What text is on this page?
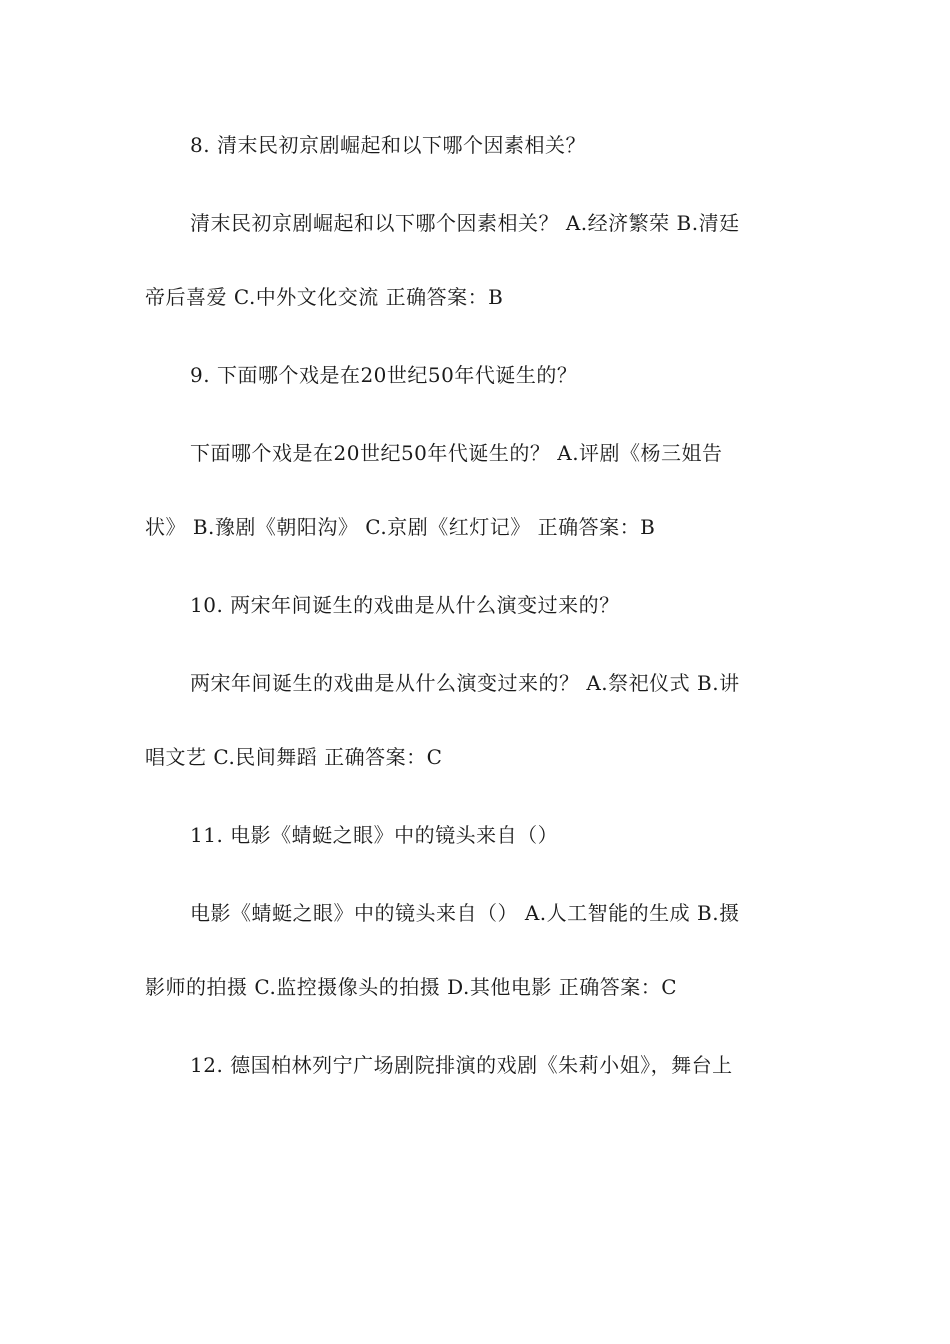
8. 清末民初京剧崛起和以下哪个因素相关？
清末民初京剧崛起和以下哪个因素相关？ A.经济繁荣 B.清廷
帝后喜爱 C.中外文化交流 正确答案：B
9. 下面哪个戏是在20世纪50年代诞生的？
下面哪个戏是在20世纪50年代诞生的？ A.评剧《杨三姐告
状》 B.豫剧《朝阳沟》 C.京剧《红灯记》 正确答案：B
10. 两宋年间诞生的戏曲是从什么演变过来的？
两宋年间诞生的戏曲是从什么演变过来的？ A.祭祀仪式 B.讲
唱文艺 C.民间舞蹈 正确答案：C
11. 电影《蜻蜓之眼》中的镜头来自（）
电影《蜻蜓之眼》中的镜头来自（） A.人工智能的生成 B.摄
影师的拍摄 C.监控摄像头的拍摄 D.其他电影 正确答案：C
12. 德国柏林列宁广场剧院排演的戏剧《朱莉小姐》，舞台上
